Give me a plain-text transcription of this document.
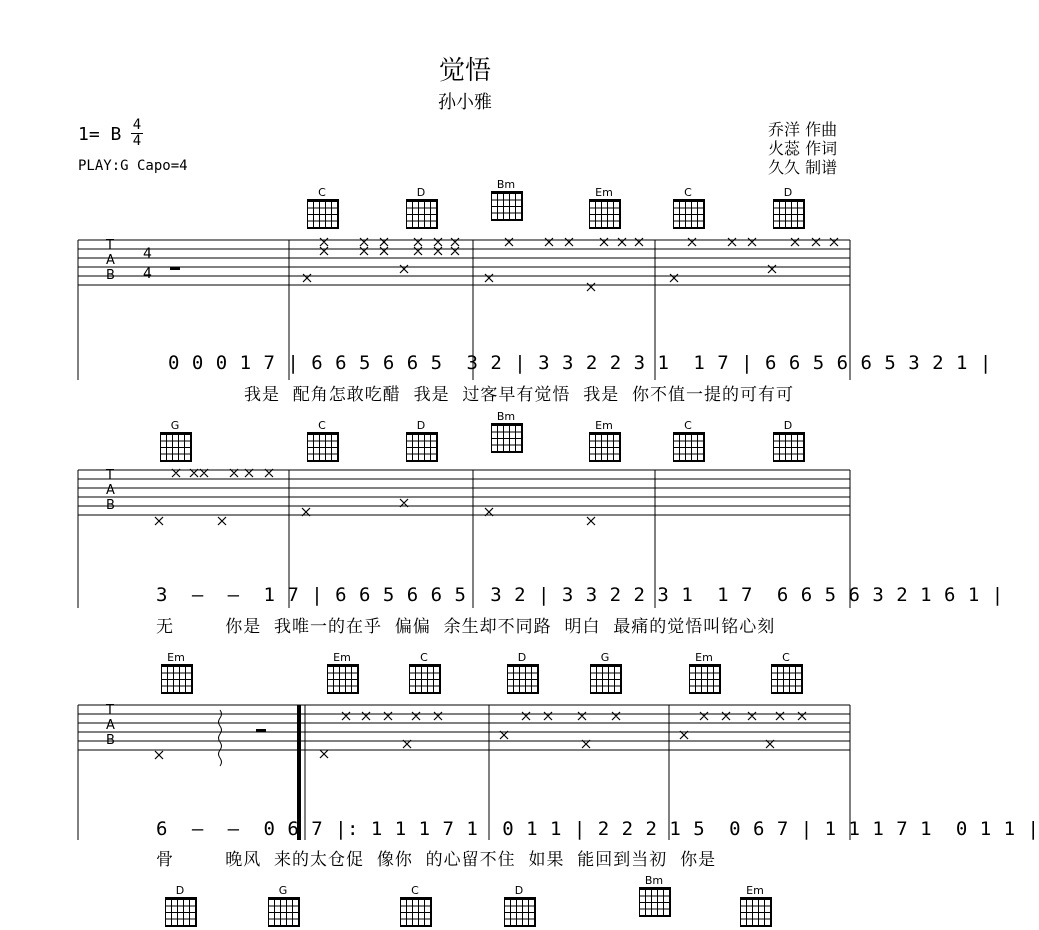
觉悟
孙小雅
1= B 4
4
PLAY:G Capo=4
乔洋 作曲
火蕊 作词
久久 制谱
C	D
Bm
Em	C	D
G	C	D
Bm
Em	C	D
Em	Em	C	D	G	Em	C
D	G	C	D
Bm
Em
T
A
B
4
4
T
A
B
T
A
B
0 0 0 1 7 | 6 6 5 6 6 5  3 2 | 3 3 2 2 3 1  1 7 | 6 6 5 6 6 5 3 2 1 |
我是  配角怎敢吃醋  我是  过客早有觉悟  我是  你不值一提的可有可
3  –  –  1 7 | 6 6 5 6 6 5  3 2 | 3 3 2 2 3 1  1 7  6 6 5 6 3 2 1 6 1 |
无        你是  我唯一的在乎  偏偏  余生却不同路  明白  最痛的觉悟叫铭心刻
6  –  –  0 6 7 |: 1 1 1 7 1  0 1 1 | 2 2 2 1 5  0 6 7 | 1 1 1 7 1  0 1 1 |
骨        晚风  来的太仓促  像你  的心留不住  如果  能回到当初  你是
